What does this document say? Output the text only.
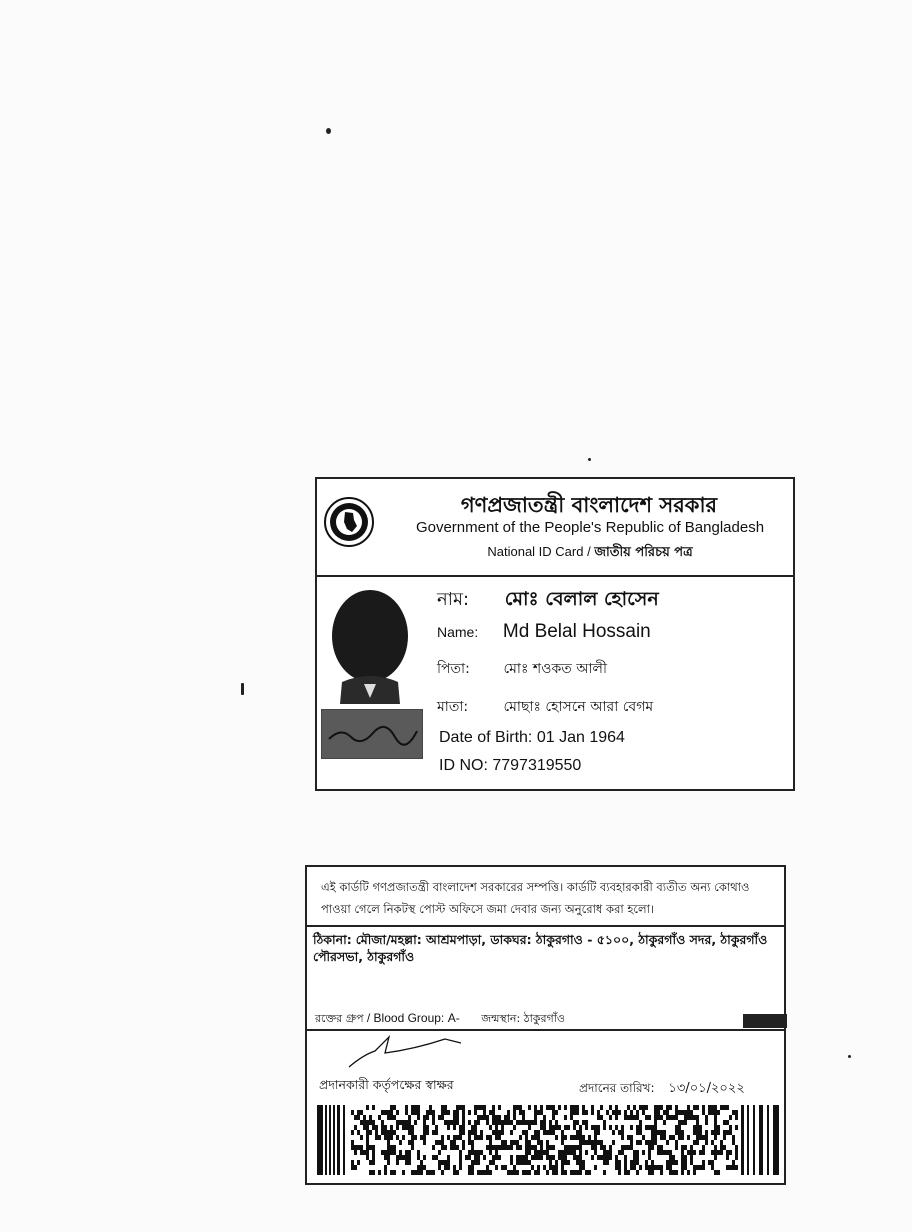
গণপ্রজাতন্ত্রী বাংলাদেশ সরকার
Government of the People's Republic of Bangladesh
National ID Card / জাতীয় পরিচয় পত্র
নাম: মোঃ বেলাল হোসেন
Name: Md Belal Hossain
পিতা: মোঃ শওকত আলী
মাতা:	মোছাঃ হোসনে আরা বেগম
Date of Birth: 01 Jan 1964
ID NO: 7797319550
এই কার্ডটি গণপ্রজাতন্ত্রী বাংলাদেশ সরকারের সম্পত্তি। কার্ডটি ব্যবহারকারী ব্যতীত অন্য কোথাও পাওয়া গেলে নিকটস্থ পোস্ট অফিসে জমা দেবার জন্য অনুরোধ করা হলো।
ঠিকানা: মৌজা/মহল্লা: আশ্রমপাড়া, ডাকঘর: ঠাকুরগাও - ৫১০০, ঠাকুরগাঁও সদর, ঠাকুরগাঁও পৌরসভা, ঠাকুরগাঁও
রক্তের গ্রুপ / Blood Group: A- জন্মস্থান: ঠাকুরগাঁও
প্রদানকারী কর্তৃপক্ষের স্বাক্ষর	প্রদানের তারিখ: ১৩/০১/২০২২
